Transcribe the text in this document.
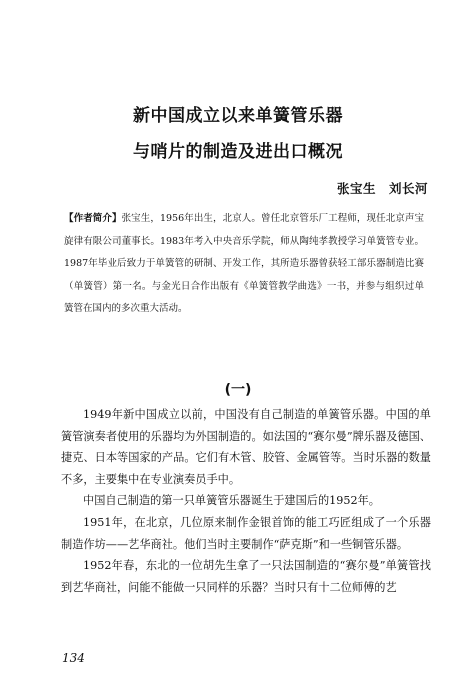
新中国成立以来单簧管乐器
与哨片的制造及进出口概况
张宝生　刘长河
【作者简介】张宝生，1956年出生，北京人。曾任北京管乐厂工程师，现任北京声宝旋律有限公司董事长。1983年考入中央音乐学院，师从陶纯孝教授学习单簧管专业。1987年毕业后致力于单簧管的研制、开发工作，其所造乐器曾获轻工部乐器制造比赛（单簧管）第一名。与金光日合作出版有《单簧管教学曲选》一书，并参与组织过单簧管在国内的多次重大活动。
(一)

1949年新中国成立以前，中国没有自己制造的单簧管乐器。中国的单簧管演奏者使用的乐器均为外国制造的。如法国的“赛尔曼”牌乐器及德国、捷克、日本等国家的产品。它们有木管、胶管、金属管等。当时乐器的数量不多，主要集中在专业演奏员手中。

中国自己制造的第一只单簧管乐器诞生于建国后的1952年。

1951年，在北京，几位原来制作金银首饰的能工巧匠组成了一个乐器制造作坊——艺华商社。他们当时主要制作“萨克斯”和一些铜管乐器。

1952年春，东北的一位胡先生拿了一只法国制造的“赛尔曼”单簧管找到艺华商社，问能不能做一只同样的乐器？当时只有十二位师傅的艺

134
